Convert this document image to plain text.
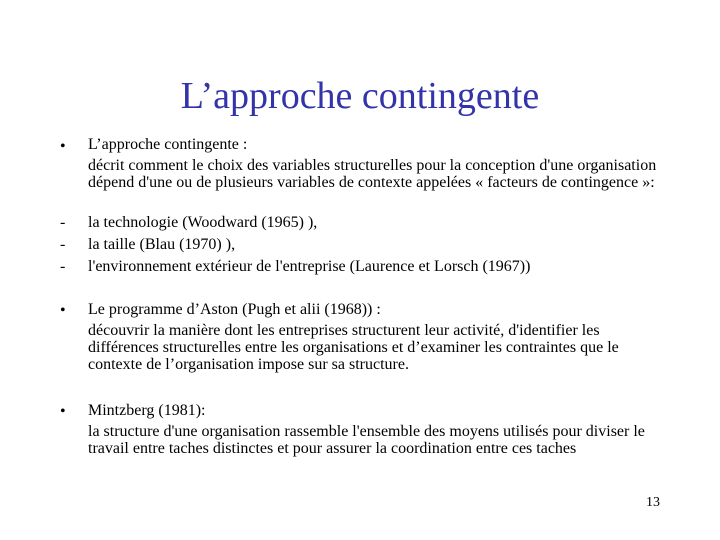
L’approche contingente
•	L’approche contingente :
décrit comment le choix des variables structurelles pour la conception d'une organisation dépend d'une ou de plusieurs variables de contexte appelées « facteurs de contingence »:
-	la technologie (Woodward (1965) ),
-	la taille (Blau (1970) ),
-	l'environnement extérieur de l'entreprise (Laurence et Lorsch (1967))
•	Le programme d’Aston (Pugh et alii (1968)) :
découvrir la manière dont les entreprises structurent leur activité, d'identifier les différences structurelles entre les organisations et d’examiner les contraintes que le contexte de l’organisation impose sur sa structure.
•	Mintzberg (1981):
la structure d'une organisation rassemble l'ensemble des moyens utilisés pour diviser le travail entre taches distinctes et pour assurer la coordination entre ces taches
13
